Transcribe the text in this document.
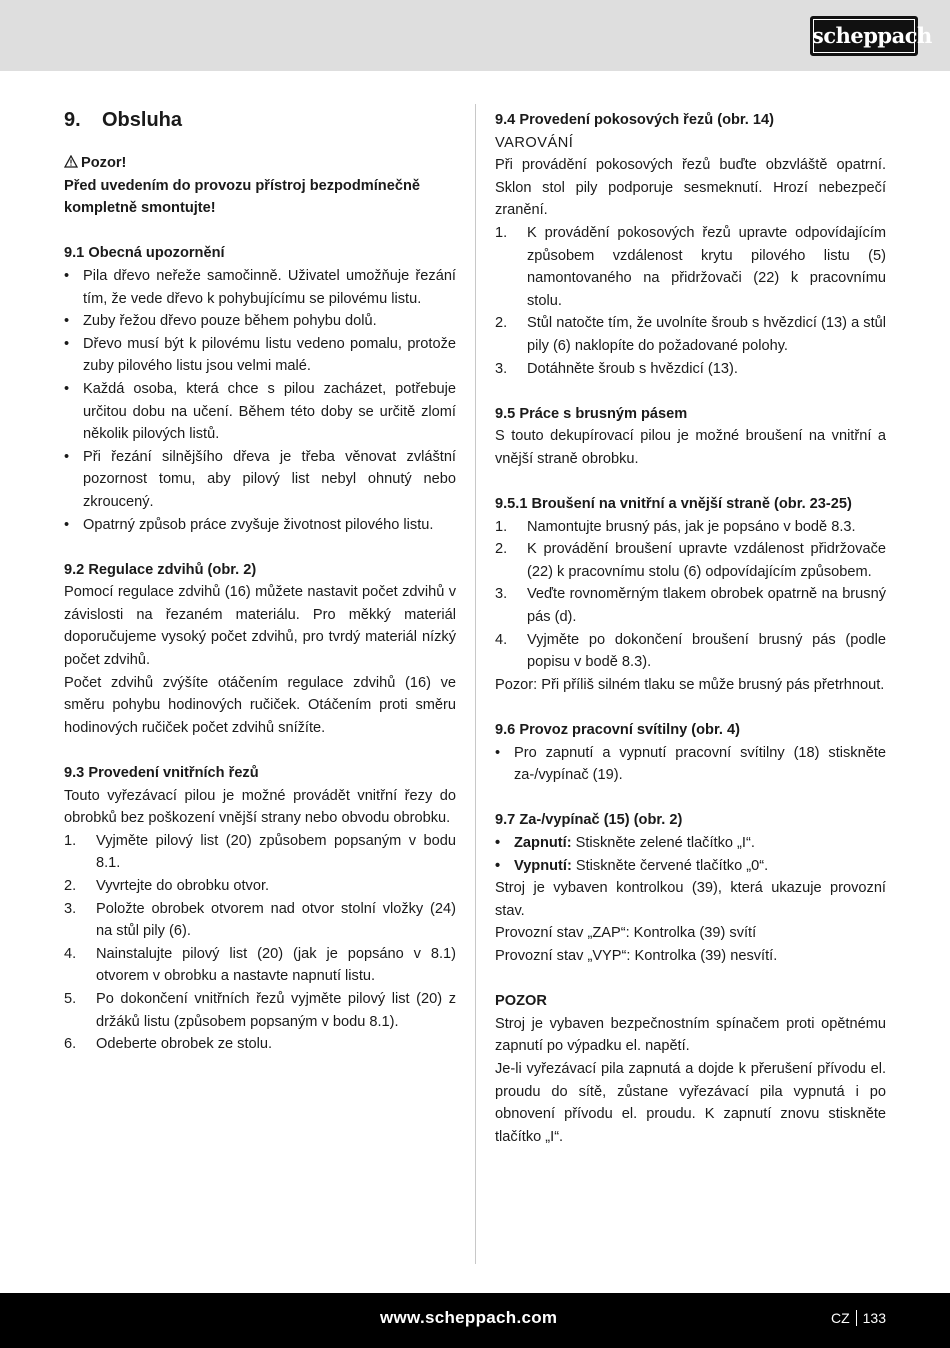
scheppach
9.	Obsluha

Pozor!

Před uvedením do provozu přístroj bezpodmínečně kompletně smontujte!

9.1 Obecná upozornění
• Pila dřevo neřeže samočinně. Uživatel umožňuje řezání tím, že vede dřevo k pohybujícímu se pilovému listu.
• Zuby řežou dřevo pouze během pohybu dolů.
• Dřevo musí být k pilovému listu vedeno pomalu, protože zuby pilového listu jsou velmi malé.
• Každá osoba, která chce s pilou zacházet, potřebuje určitou dobu na učení. Během této doby se určitě zlomí několik pilových listů.
• Při řezání silnějšího dřeva je třeba věnovat zvláštní pozornost tomu, aby pilový list nebyl ohnutý nebo zkroucený.
• Opatrný způsob práce zvyšuje životnost pilového listu.
9.2 Regulace zdvihů (obr. 2)

Pomocí regulace zdvihů (16) můžete nastavit počet zdvihů v závislosti na řezaném materiálu. Pro měkký materiál doporučujeme vysoký počet zdvihů, pro tvrdý materiál nízký počet zdvihů.

Počet zdvihů zvýšíte otáčením regulace zdvihů (16) ve směru pohybu hodinových ručiček. Otáčením proti směru hodinových ručiček počet zdvihů snížíte.

9.3 Provedení vnitřních řezů

Touto vyřezávací pilou je možné provádět vnitřní řezy do obrobků bez poškození vnější strany nebo obvodu obrobku.

1.	Vyjměte pilový list (20) způsobem popsaným v bodu 8.1.
2.	Vyvrtejte do obrobku otvor.
3.	Položte obrobek otvorem nad otvor stolní vložky (24) na stůl pily (6).
4.	Nainstalujte pilový list (20) (jak je popsáno v 8.1) otvorem v obrobku a nastavte napnutí listu.
5.	Po dokončení vnitřních řezů vyjměte pilový list (20) z držáků listu (způsobem popsaným v bodu 8.1).
6.	Odeberte obrobek ze stolu.
9.4 Provedení pokosových řezů (obr. 14)

VAROVÁNÍ

Při provádění pokosových řezů buďte obzvláště opatrní. Sklon stol pily podporuje sesmeknutí. Hrozí nebezpečí zranění.

1.	K provádění pokosových řezů upravte odpovídajícím způsobem vzdálenost krytu pilového listu (5) namontovaného na přidržovači (22) k pracovnímu stolu.
2.	Stůl natočte tím, že uvolníte šroub s hvězdicí (13) a stůl pily (6) naklopíte do požadované polohy.
3.	Dotáhněte šroub s hvězdicí (13).
9.5 Práce s brusným pásem

S touto dekupírovací pilou je možné broušení na vnitřní a vnější straně obrobku.

9.5.1 Broušení na vnitřní a vnější straně (obr. 23-25)
1.	Namontujte brusný pás, jak je popsáno v bodě 8.3.
2.	K provádění broušení upravte vzdálenost přidržovače (22) k pracovnímu stolu (6) odpovídajícím způsobem.
3.	Veďte rovnoměrným tlakem obrobek opatrně na brusný pás (d).
4.	Vyjměte po dokončení broušení brusný pás (podle popisu v bodě 8.3).

Pozor: Při příliš silném tlaku se může brusný pás přetrhnout.

9.6 Provoz pracovní svítilny (obr. 4)
• Pro zapnutí a vypnutí pracovní svítilny (18) stiskněte za-/vypínač (19).
9.7 Za-/vypínač (15) (obr. 2)
• Zapnutí: Stiskněte zelené tlačítko „I“.
• Vypnutí: Stiskněte červené tlačítko „0“.

Stroj je vybaven kontrolkou (39), která ukazuje provozní stav.

Provozní stav „ZAP“: Kontrolka (39) svítí

Provozní stav „VYP“: Kontrolka (39) nesvítí.

POZOR

Stroj je vybaven bezpečnostním spínačem proti opětnému zapnutí po výpadku el. napětí.

Je-li vyřezávací pila zapnutá a dojde k přerušení přívodu el. proudu do sítě, zůstane vyřezávací pila vypnutá i po obnovení přívodu el. proudu. K zapnutí znovu stiskněte tlačítko „I“.

www.scheppach.com	CZ 133
